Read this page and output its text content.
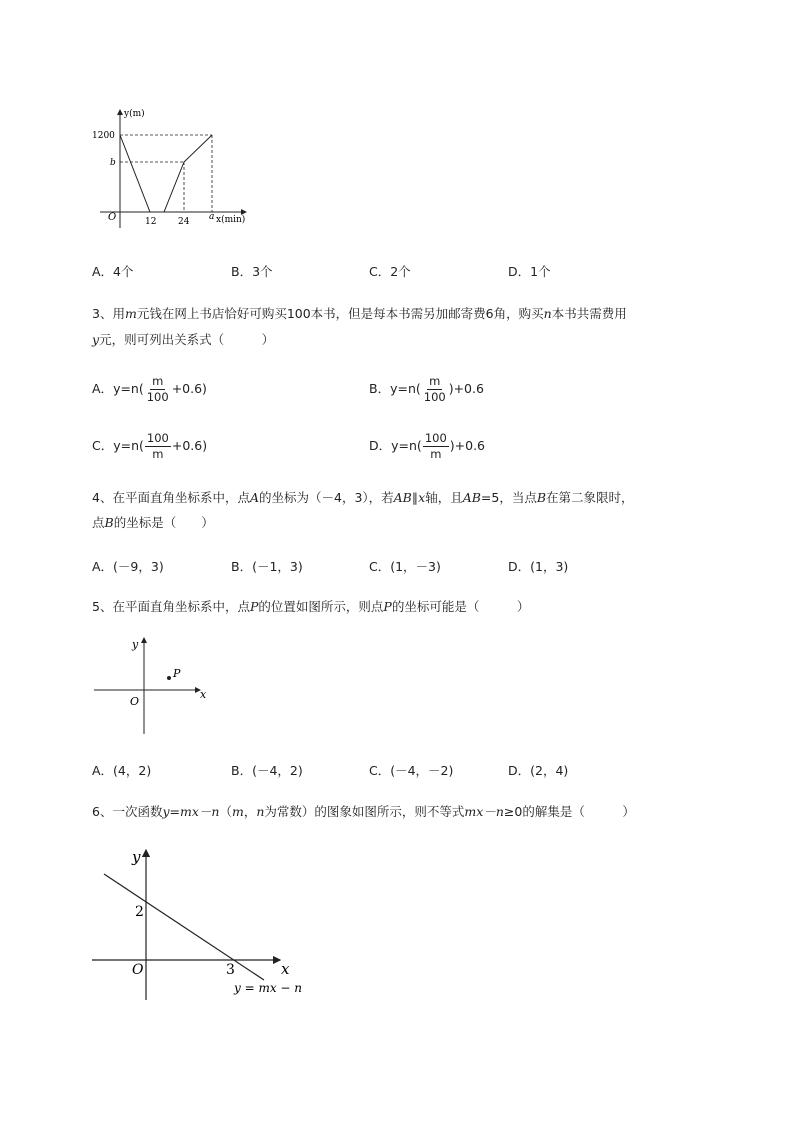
y(m)
x(min)
O
1200
b
12 24 a
A．4个	B．3个	C．2个	D．1个
3、用m元钱在网上书店恰好可购买100本书，但是每本书需另加邮寄费6角，购买n本书共需费用
y元，则可列出关系式（　　　）
A．$y=n( \frac{m}{100} +0.6)$	B．$y=n( \frac{m}{100} )+0.6$
C．$y=n( \frac{100}{m} +0.6)$	D．$y=n( \frac{100}{m} )+0.6$
4、在平面直角坐标系中，点A的坐标为（－4，3），若AB∥x轴，且AB=5，当点B在第二象限时，
点B的坐标是（　　）
A．(－9，3)	B．(－1，3)	C．(1，－3)	D．(1，3)
5、在平面直角坐标系中，点P的位置如图所示，则点P的坐标可能是（　　　）
y
x
O
P
A．(4，2)	B．(－4，2)	C．(－4，－2)	D．(2，4)
6、一次函数y=mx－n（m，n为常数）的图象如图所示，则不等式mx－n≥0的解集是（　　　）
y
x
O
2
3
y = mx − n
